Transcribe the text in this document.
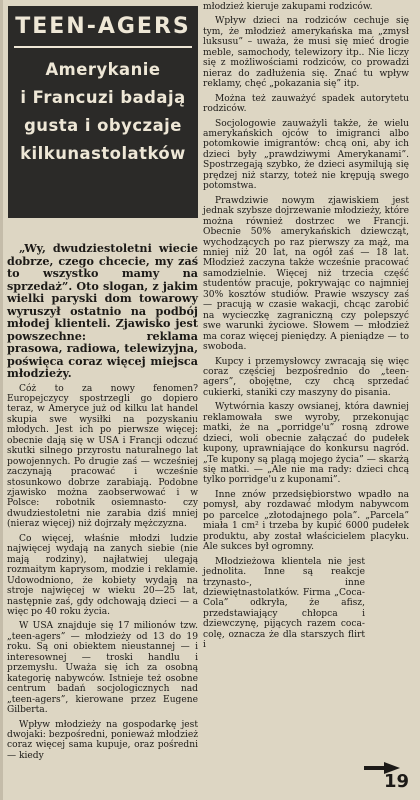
TEEN-AGERS
Amerykanie
i Francuzi badają
gusta i obyczaje
kilkunastolatków

„Wy, dwudziestoletni wiecie dobrze, czego chcecie, my zaś to wszystko mamy na sprzedaż”. Oto slogan, z jakim wielki paryski dom towarowy wyruszył ostatnio na podbój młodej klienteli. Zjawisko jest powszechne: reklama prasowa, radiowa, telewizyjna, poświęca coraz więcej miejsca młodzieży.

Cóż to za nowy fenomen? Europejczycy spostrzegli go dopiero teraz, w Ameryce już od kilku lat handel skupia swe wysiłki na pozyskaniu młodych. Jest ich po pierwsze więcej: obecnie dają się w USA i Francji odczuć skutki silnego przyrostu naturalnego lat powojennych. Po drugie zaś — wcześniej zaczynają pracować i wcześnie stosunkowo dobrze zarabiają. Podobne zjawisko można zaobserwować i w Polsce: robotnik osiemnasto- czy dwudziestoletni nie zarabia dziś mniej (nieraz więcej) niż dojrzały mężczyzna.

Co więcej, właśnie młodzi ludzie najwięcej wydają na zanych siebie (nie mają rodziny), najłatwiej ulegają rozmaitym kaprysom, modzie i reklamie. Udowodniono, że kobiety wydają na stroje najwięcej w wieku 20—25 lat, następnie zaś, gdy odchowają dzieci — a więc po 40 roku życia.

W USA znajduje się 17 milionów tzw. „teen-agers” — młodzieży od 13 do 19 roku. Są oni obiektem nieustannej — i interesownej — troski handlu i przemysłu. Uważa się ich za osobną kategorię nabywców. Istnieje też osobne centrum badań socjologicznych nad „teen-agers”, kierowane przez Eugene Gilberta.

Wpływ młodzieży na gospodarkę jest dwojaki: bezpośredni, ponieważ młodzież coraz więcej sama kupuje, oraz pośredni — kiedy

młodzież kieruje zakupami rodziców.

Wpływ dzieci na rodziców cechuje się tym, że młodzież amerykańska ma „zmysł luksusu” – uważa, że musi się mieć drogie meble, samochody, telewizory itp.. Nie liczy się z możliwościami rodziców, co prowadzi nieraz do zadłużenia się. Znać tu wpływ reklamy, chęć „pokazania się” itp.

Można też zauważyć spadek autorytetu rodziców.

Socjologowie zauważyli także, że wielu amerykańskich ojców to imigranci albo potomkowie imigrantów: chcą oni, aby ich dzieci były „prawdziwymi Amerykanami”. Spostrzegają szybko, że dzieci asymilują się prędzej niż starzy, toteż nie krępują swego potomstwa.

Prawdziwie nowym zjawiskiem jest jednak szybsze dojrzewanie młodzieży, które można również dostrzec we Francji. Obecnie 50% amerykańskich dziewcząt, wychodzących po raz pierwszy za mąż, ma mniej niż 20 lat, na ogół zaś — 18 lat. Młodzież zaczyna także wcześnie pracować samodzielnie. Więcej niż trzecia część studentów pracuje, pokrywając co najmniej 30% kosztów studiów. Prawie wszyscy zaś — pracują w czasie wakacji, chcąc zarobić na wycieczkę zagraniczną czy polepszyć swe warunki życiowe. Słowem — młodzież ma coraz więcej pieniędzy. A pieniądze — to swoboda.

Kupcy i przemysłowcy zwracają się więc coraz częściej bezpośrednio do „teen-agers”, obojętne, czy chcą sprzedać cukierki, staniki czy maszyny do pisania.

Wytwórnia kaszy owsianej, która dawniej reklamowała swe wyroby, przekonując matki, że na „porridge'u” rosną zdrowe dzieci, woli obecnie załączać do pudełek kupony, uprawniające do konkursu nagród. „Te kupony są plagą mojego życia” — skarżą się matki. — „Ale nie ma rady: dzieci chcą tylko porridge'u z kuponami”.

Inne znów przedsiębiorstwo wpadło na pomysł, aby rozdawać młodym nabywcom po parcelce „złotodajnego pola”. „Parcela” miała 1 cm² i trzeba by kupić 6000 pudełek produktu, aby został właścicielem placyku. Ale sukces był ogromny.

Młodzieżowa klientela nie jest jednolita. Inne są reakcje trzynasto-, inne dziewiętnastolatków. Firma „Coca-Cola” odkryła, że afisz, przedstawiający chłopca i dziewczynę, pijących razem coca-colę, oznacza że dla starszych flirt i

19
